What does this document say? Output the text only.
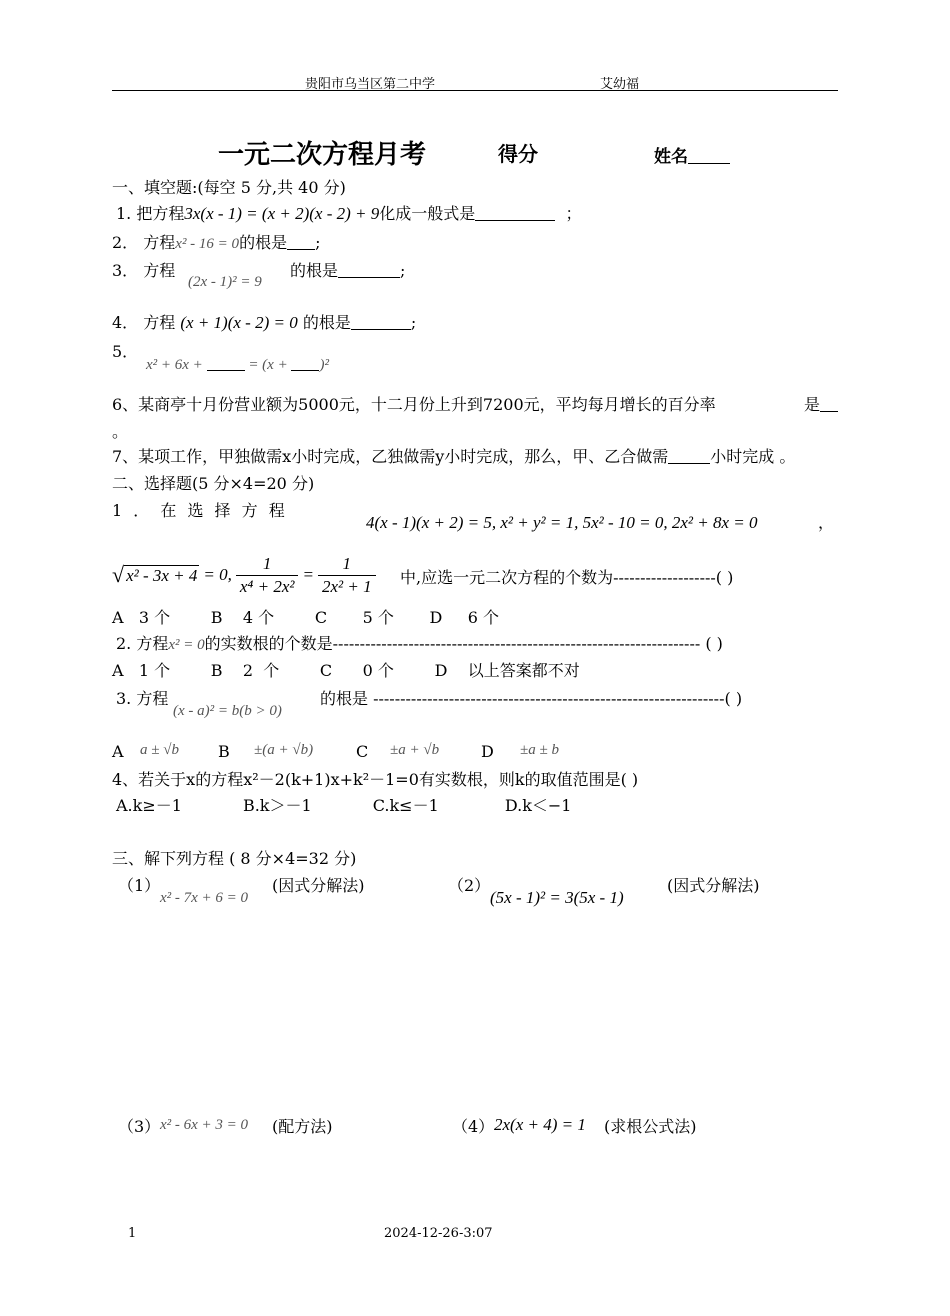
贵阳市乌当区第二中学	艾幼福
一元二次方程月考	得分	姓名
一、填空题:(每空 5 分,共 40 分)
1. 把方程3x(x - 1) = (x + 2)(x - 2) + 9化成一般式是	；
2． 方程x² - 16 = 0的根是 ;
3． 方程
(2x - 1)² = 9
的根是	;
4． 方程 (x + 1)(x - 2) = 0 的根是	;
5．
x² + 6x +	= (x + )²
6、某商亭十月份营业额为5000元，十二月份上升到7200元，平均每月增长的百分率	是
。
7、某项工作，甲独做需x小时完成，乙独做需y小时完成，那么，甲、乙合做需	小时完成 。
二、选择题(5 分×4=20 分)
1 ． 在 选 择 方 程
4(x - 1)(x + 2) = 5, x² + y² = 1, 5x² - 10 = 0, 2x² + 8x = 0	，
√ x² - 3x + 4 = 0, $\frac{1}{\text{x⁴ + 2x²}} = \frac{1}{\text{2x² + 1}}$ 中,应选一元二次方程的个数为-------------------( )
A   3 个        B    4 个        C       5 个       D     6 个
2. 方程x² = 0的实数根的个数是-------------------------------------------------------------------- ( )
A   1 个        B    2  个        C      0 个        D    以上答案都不对
3. 方程
(x - a)² = b(b > 0)
的根是 -----------------------------------------------------------------( )
A a ± √b B ±(a + √b)	C ±a + √b	D ±a ± b
4、若关于x的方程x²－2(k+1)x+k²－1=0有实数根，则k的取值范围是( )
A.k≥－1            B.k＞－1            C.k≤－1             D.k＜−1
三、解下列方程 ( 8 分×4=32 分)
（1）
x² - 7x + 6 = 0
(因式分解法)	（2）
(5x - 1)² = 3(5x - 1)
(因式分解法)
（3） x² - 6x + 3 = 0 (配方法)	（4） 2x(x + 4) = 1 (求根公式法)
1	2024-12-26-3:07
